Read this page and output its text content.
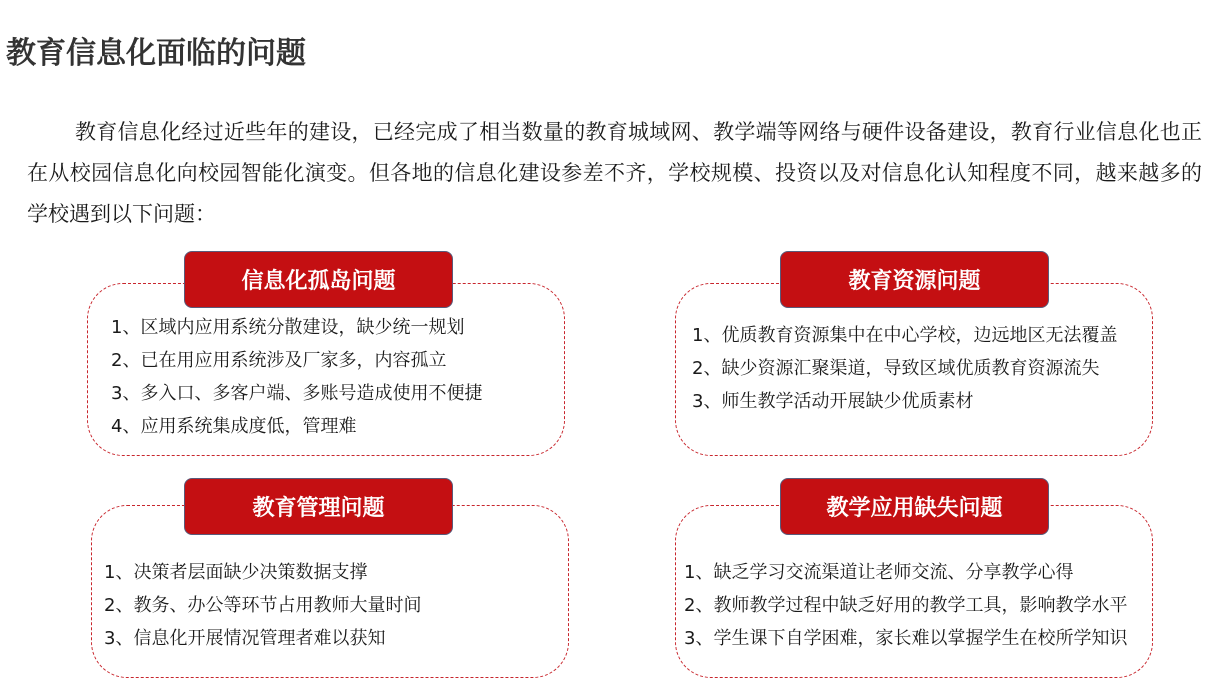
教育信息化面临的问题

教育信息化经过近些年的建设，已经完成了相当数量的教育城域网、教学端等网络与硬件设备建设，教育行业信息化也正在从校园信息化向校园智能化演变。但各地的信息化建设参差不齐，学校规模、投资以及对信息化认知程度不同，越来越多的学校遇到以下问题：

信息化孤岛问题
1、区域内应用系统分散建设，缺少统一规划
2、已在用应用系统涉及厂家多，内容孤立
3、多入口、多客户端、多账号造成使用不便捷
4、应用系统集成度低，管理难
教育资源问题
1、优质教育资源集中在中心学校，边远地区无法覆盖
2、缺少资源汇聚渠道，导致区域优质教育资源流失
3、师生教学活动开展缺少优质素材
教育管理问题
1、决策者层面缺少决策数据支撑
2、教务、办公等环节占用教师大量时间
3、信息化开展情况管理者难以获知
教学应用缺失问题
1、缺乏学习交流渠道让老师交流、分享教学心得
2、教师教学过程中缺乏好用的教学工具，影响教学水平
3、学生课下自学困难，家长难以掌握学生在校所学知识
